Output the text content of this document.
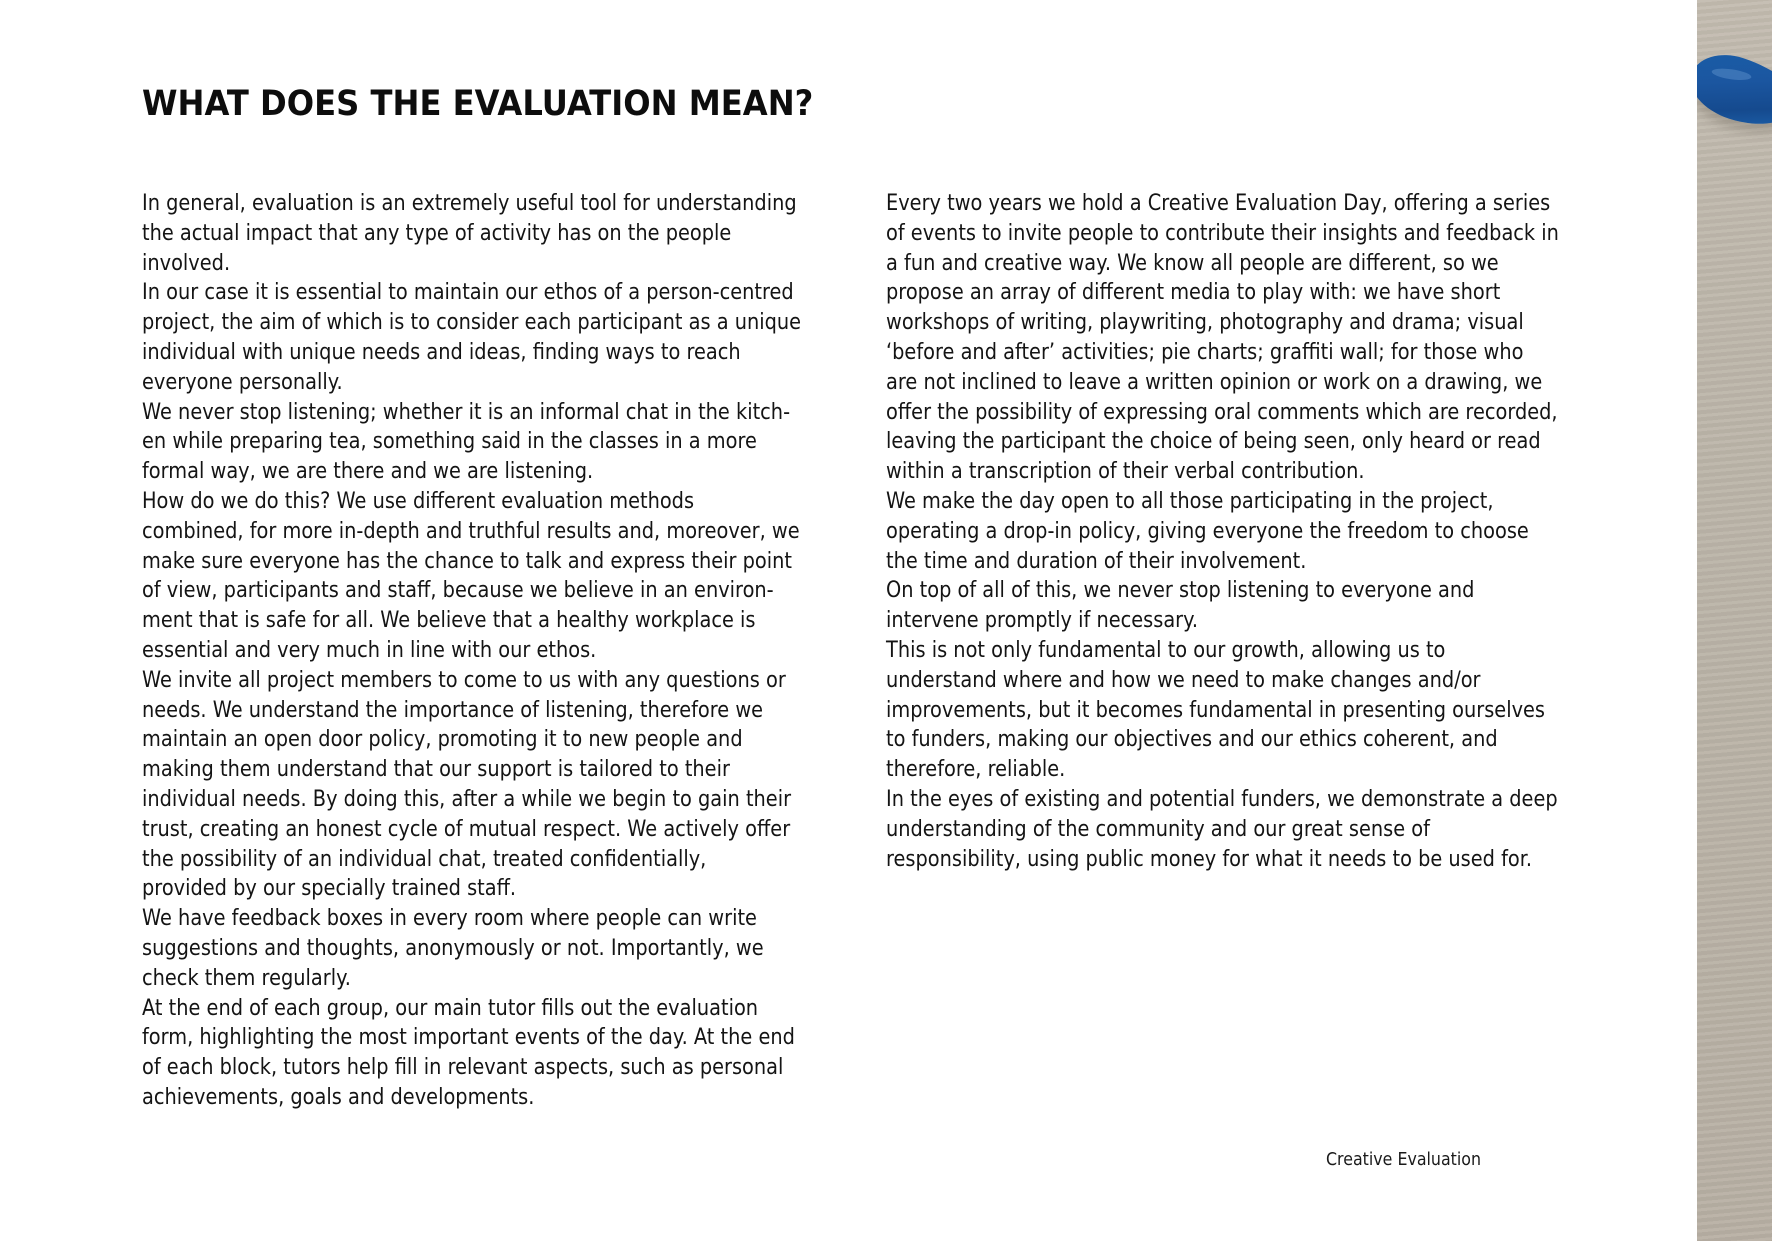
WHAT DOES THE EVALUATION MEAN?
In general, evaluation is an extremely useful tool for understanding
the actual impact that any type of activity has on the people
involved.
In our case it is essential to maintain our ethos of a person-centred
project, the aim of which is to consider each participant as a unique
individual with unique needs and ideas, finding ways to reach
everyone personally.
We never stop listening; whether it is an informal chat in the kitch-
en while preparing tea, something said in the classes in a more
formal way, we are there and we are listening.
How do we do this? We use different evaluation methods
combined, for more in-depth and truthful results and, moreover, we
make sure everyone has the chance to talk and express their point
of view, participants and staff, because we believe in an environ-
ment that is safe for all. We believe that a healthy workplace is
essential and very much in line with our ethos.
We invite all project members to come to us with any questions or
needs. We understand the importance of listening, therefore we
maintain an open door policy, promoting it to new people and
making them understand that our support is tailored to their
individual needs. By doing this, after a while we begin to gain their
trust, creating an honest cycle of mutual respect. We actively offer
the possibility of an individual chat, treated confidentially,
provided by our specially trained staff.
We have feedback boxes in every room where people can write
suggestions and thoughts, anonymously or not. Importantly, we
check them regularly.
At the end of each group, our main tutor fills out the evaluation
form, highlighting the most important events of the day. At the end
of each block, tutors help fill in relevant aspects, such as personal
achievements, goals and developments.
Every two years we hold a Creative Evaluation Day, offering a series
of events to invite people to contribute their insights and feedback in
a fun and creative way. We know all people are different, so we
propose an array of different media to play with: we have short
workshops of writing, playwriting, photography and drama; visual
‘before and after’ activities; pie charts; graffiti wall; for those who
are not inclined to leave a written opinion or work on a drawing, we
offer the possibility of expressing oral comments which are recorded,
leaving the participant the choice of being seen, only heard or read
within a transcription of their verbal contribution.
We make the day open to all those participating in the project,
operating a drop-in policy, giving everyone the freedom to choose
the time and duration of their involvement.
On top of all of this, we never stop listening to everyone and
intervene promptly if necessary.
This is not only fundamental to our growth, allowing us to
understand where and how we need to make changes and/or
improvements, but it becomes fundamental in presenting ourselves
to funders, making our objectives and our ethics coherent, and
therefore, reliable.
In the eyes of existing and potential funders, we demonstrate a deep
understanding of the community and our great sense of
responsibility, using public money for what it needs to be used for.
Creative Evaluation
